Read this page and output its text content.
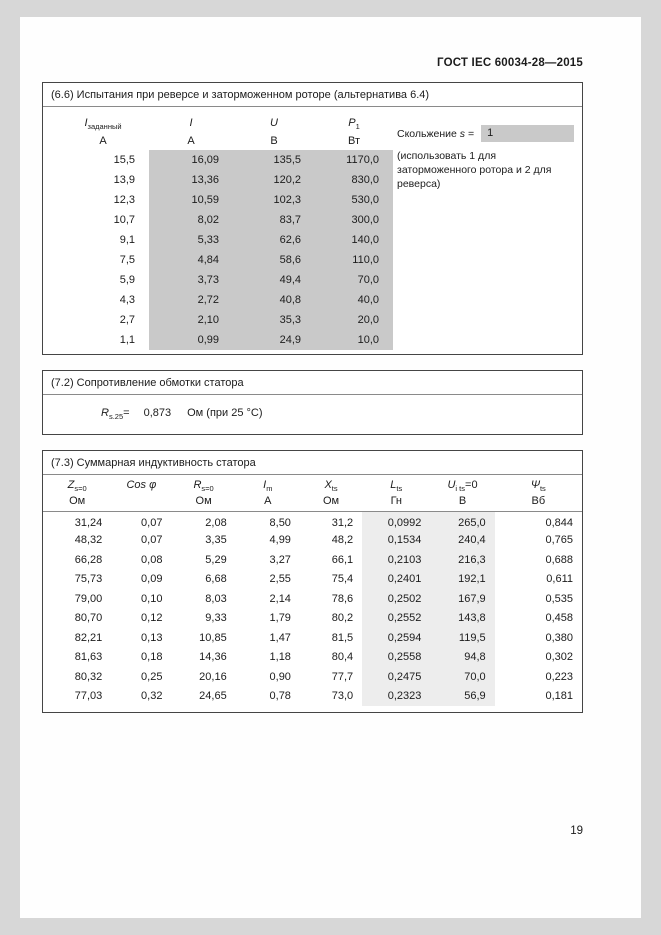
ГОСТ IEC 60034-28—2015
(6.6) Испытания при реверсе и заторможенном роторе (альтернатива 6.4)
$I_{заданный}$	I	U	$P_1$
А	А	В	Вт
15,5	16,09	135,5	1170,0
13,9	13,36	120,2	830,0
12,3	10,59	102,3	530,0
10,7	8,02	83,7	300,0
9,1	5,33	62,6	140,0
7,5	4,84	58,6	110,0
5,9	3,73	49,4	70,0
4,3	2,72	40,8	40,0
2,7	2,10	35,3	20,0
1,1	0,99	24,9	10,0
Скольжение s =	1
(использовать 1 для заторможенного ротора и 2 для реверса)
(7.2) Сопротивление обмотки статора
$R_{s.25}= 0,873$ Ом (при 25 °C)
(7.3) Суммарная индуктивность статора
$Z_{s=0}$	Cos φ	$R_{s=0}$	$I_m$	$X_{ts}$	$L_{ts}$	$U_{i ts}=0$	$\Psi_{ts}$
Ом		Ом	А	Ом	Гн	В	Вб
31,24	0,07	2,08	8,50	31,2	0,0992	265,0	0,844
48,32	0,07	3,35	4,99	48,2	0,1534	240,4	0,765
66,28	0,08	5,29	3,27	66,1	0,2103	216,3	0,688
75,73	0,09	6,68	2,55	75,4	0,2401	192,1	0,611
79,00	0,10	8,03	2,14	78,6	0,2502	167,9	0,535
80,70	0,12	9,33	1,79	80,2	0,2552	143,8	0,458
82,21	0,13	10,85	1,47	81,5	0,2594	119,5	0,380
81,63	0,18	14,36	1,18	80,4	0,2558	94,8	0,302
80,32	0,25	20,16	0,90	77,7	0,2475	70,0	0,223
77,03	0,32	24,65	0,78	73,0	0,2323	56,9	0,181
19
